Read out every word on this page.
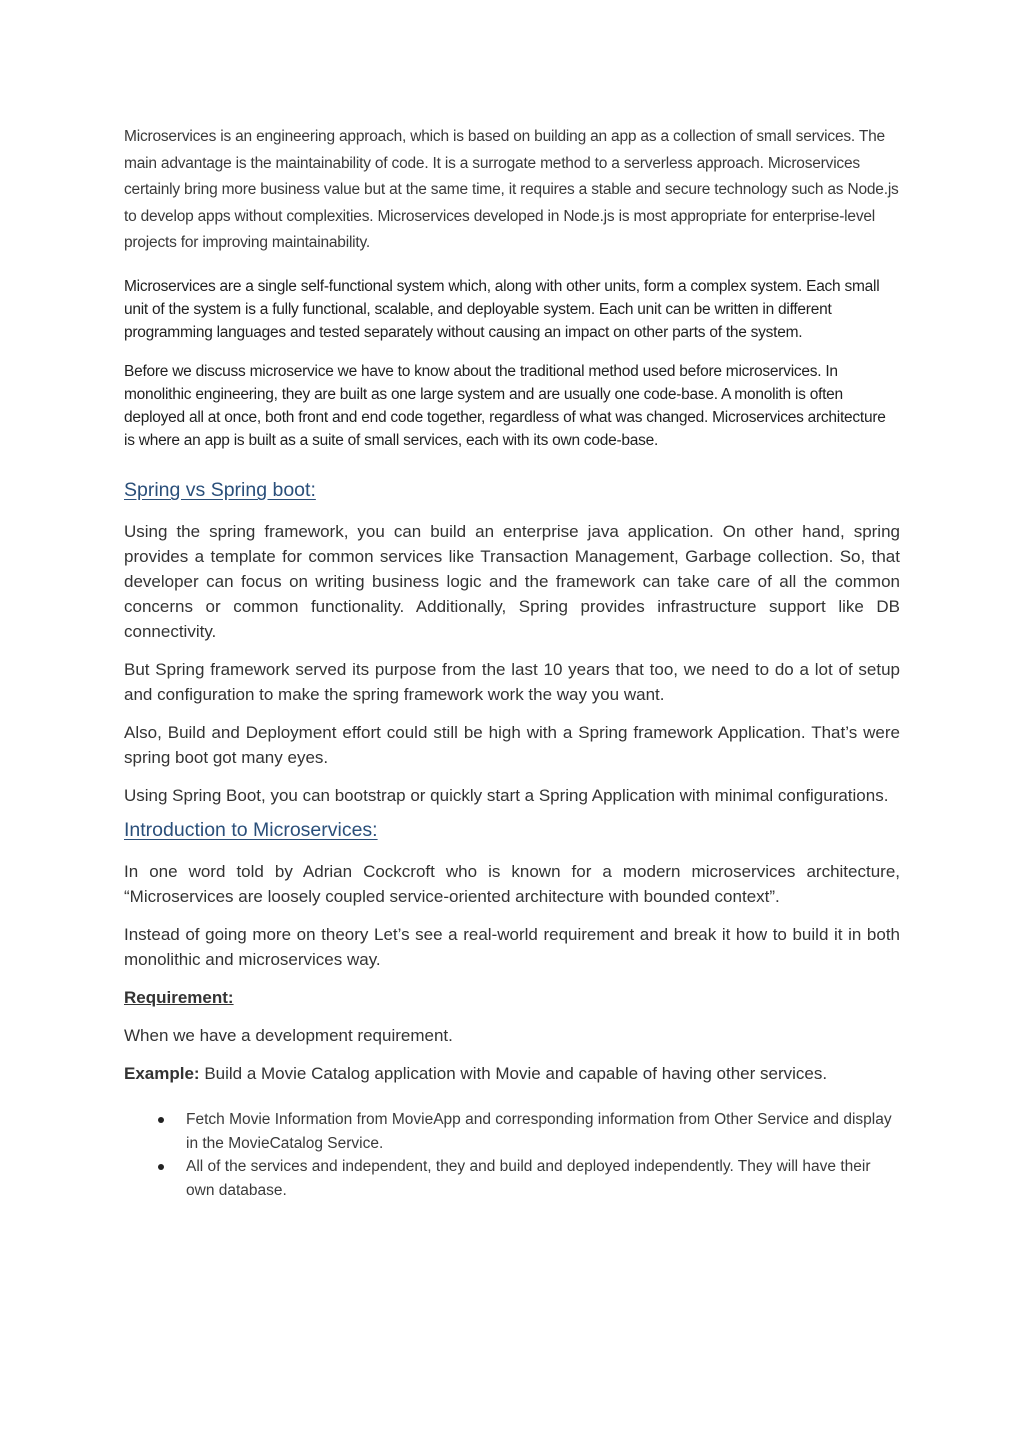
Microservices is an engineering approach, which is based on building an app as a collection of small services. The main advantage is the maintainability of code. It is a surrogate method to a serverless approach. Microservices certainly bring more business value but at the same time, it requires a stable and secure technology such as Node.js to develop apps without complexities. Microservices developed in Node.js is most appropriate for enterprise-level projects for improving maintainability.

Microservices are a single self-functional system which, along with other units, form a complex system. Each small unit of the system is a fully functional, scalable, and deployable system. Each unit can be written in different programming languages and tested separately without causing an impact on other parts of the system.

Before we discuss microservice we have to know about the traditional method used before microservices. In monolithic engineering, they are built as one large system and are usually one code-base. A monolith is often deployed all at once, both front and end code together, regardless of what was changed. Microservices architecture is where an app is built as a suite of small services, each with its own code-base.

Spring vs Spring boot:

Using the spring framework, you can build an enterprise java application. On other hand, spring provides a template for common services like Transaction Management, Garbage collection. So, that developer can focus on writing business logic and the framework can take care of all the common concerns or common functionality. Additionally, Spring provides infrastructure support like DB connectivity.

But Spring framework served its purpose from the last 10 years that too, we need to do a lot of setup and configuration to make the spring framework work the way you want.

Also, Build and Deployment effort could still be high with a Spring framework Application. That’s were spring boot got many eyes.

Using Spring Boot, you can bootstrap or quickly start a Spring Application with minimal configurations.

Introduction to Microservices:

In one word told by Adrian Cockcroft who is known for a modern microservices architecture, “Microservices are loosely coupled service-oriented architecture with bounded context”.

Instead of going more on theory Let’s see a real-world requirement and break it how to build it in both monolithic and microservices way.

Requirement:

When we have a development requirement.

Example: Build a Movie Catalog application with Movie and capable of having other services.

Fetch Movie Information from MovieApp and corresponding information from Other Service and display in the MovieCatalog Service.
All of the services and independent, they and build and deployed independently. They will have their own database.
